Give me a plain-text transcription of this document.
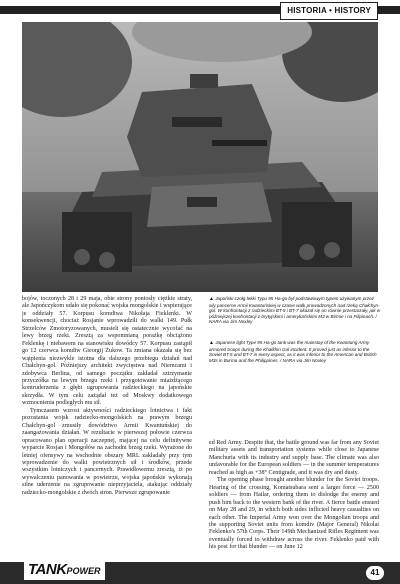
HISTORIA • HISTORY
▲ Japoński czołg lekki Typu 95 Ha-go był podstawowym typem używanym przez siły pancerne Armii Kwantuńskiej w czasie walk prowadzonych nad rzeką Chałchyn-gol. W konfrontacji z radzieckimi BT-5 i BT-7 okazał się on równie przestarzały, jak w późniejszej konfrontacji z brytyjskimi i amerykańskimi M3 w Birmie i na Filipinach. / NARA via Jim Noxley
▲ Japanese light Type 95 Ha-go tank was the mainstay of the Kwantung Army armored troops during the Khalkhin Gol incident. It proved just as inferior to the Soviet BT-5 and BT-7 in every aspect, as it was inferior to the American and British M3s in Burma and the Philippines. / NARA via Jim Noxley

bojów, toczonych 28 i 29 maja, obie strony poniosły ciężkie straty, ale Japończykom udało się pokonać wojska mongolskie i wspierające je oddziały 57. Korpusu komdiwa Nikołaja Fieklenki. W konsekwencji, chociaż Rosjanie wprowadzili do walki 149. Pułk Strzelców Zmotoryzowanych, musieli się ostatecznie wycofać na lewy brzeg rzeki. Zresztą za wspomnianą porażkę obciążono Feklenkę i niebawem na stanowisku dowódcy 57. Korpusu zastąpił go 12 czerwca komdiw Gieorgij Żukow. Ta zmiana okazała się bez wątpienia niezwykle istotna dla dalszego przebiegu działań nad Chałchyn-gol. Późniejszy architekt zwycięstwa nad Niemcami i zdobywca Berlina, od samego początku zakładał sztrzymanie przyczółka na lewym brzegu rzeki i przygotowanie miażdżącego kontruderzenia z głębi ugrupowania radzieckiego na japońskie skrzydła. W tym celu zażądał też od Moskwy dodatkowego wzmocnienia podległych mu sił.

Tymczasem wzrost aktywności radzieckiego lotnictwa i fakt pozostania wojsk radziecko-mongolskich na prawym brzegu Chałchyn-gol zmusiły dowództwo Armii Kwantuńskiej do zaangażowania działań. W rezultacie w pierwszej połowie czerwca opracowano plan operacji zaczepnej, mającej na celu definitywne wyparcie Rosjan i Mongołów na zachodni brzeg rzeki. Wyrażone do letniej ofensywy na wschodnie obszary MRL zakładały przy tym wprowadzenie do walki powietrznych sił i środków, przede wszystkim lotniczych i pancernych. Prawidłowemu zresztą, iż po wywalczeniu panowania w powietrzu, wojska japońskie wykonają silne uderzenie na zgrupowanie nieprzyjaciela, atakując oddziały radziecko-mongolskie z dwóch stron. Pierwsze zgrupowanie

ed Red Army. Despite that, the battle ground was far from any Soviet military assets and transportation systems while close to Japanese Manchuria with its industry and supply base. The climate was also unfavorable for the European soldiers — in the summer temperatures reached as high as +38° Centigrade, and it was dry and dusty.

The opening phase brought another blunder for the Soviet troops. Hearing of the crossing, Komatsubara sent a larger force — 2500 soldiers — from Hailar, ordering them to dislodge the enemy and push him back to the western bank of the river. A fierce battle ensued on May 28 and 29, in which both sides inflicted heavy casualties on each other. The Imperial Army won over the Mongolian troops and the supporting Soviet units from komdiv (Major General) Nikolai Feklenko's 57th Corps. Their 149th Mechanized Rifles Regiment was eventually forced to withdraw across the river. Feklenko paid with his post for that blunder — on June 12

TANKPOWER	41
